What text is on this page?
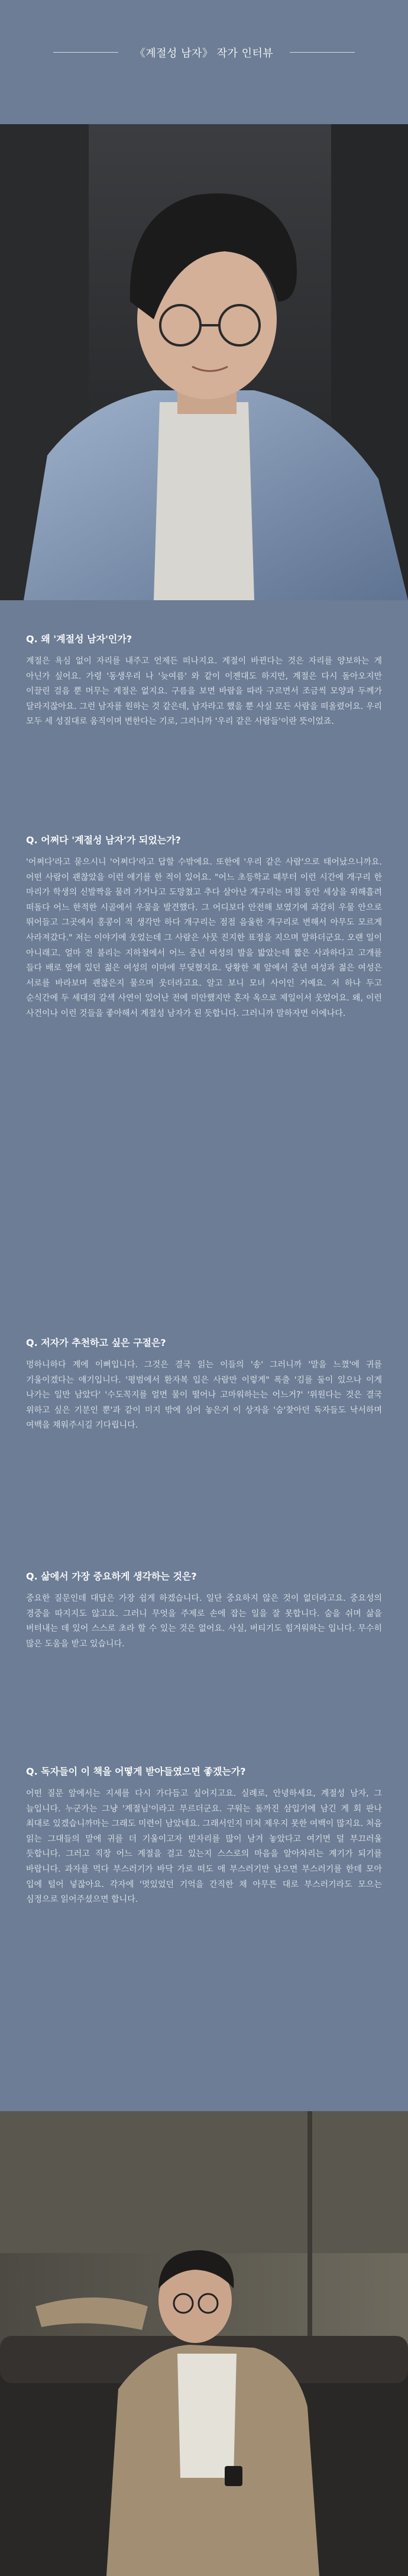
《계절성 남자》 작가 인터뷰

Q. 왜 '계절성 남자'인가?

계절은 욕심 없이 자리를 내주고 언제든 떠나지요. 계절이 바뀐다는 것은 자리를 양보하는 게 아닌가 싶어요. 가령 '동생우리 나 '늦여름' 와 같이 이젠대도 하지만, 계절은 다시 돌아오지만 이끌린 걸음 뿐 머무는 계절은 없지요. 구름을 보면 바람을 따라 구르면서 조금씩 모양과 두께가 달라지잖아요. 그런 남자를 원하는 것 같은데, 남자라고 했을 뿐 사실 모든 사람을 떠올렸어요. 우리 모두 세 성질대로 움직이며 변한다는 기로, 그러니까 '우리 같은 사람들'이란 뜻이었죠.

Q. 어쩌다 '계절성 남자'가 되었는가?

'어쩌다'라고 묻으시니 '어쩌다'라고 답할 수밖에요. 또한에 '우리 같은 사람'으로 태어났으니까요. 어떤 사람이 괜찮았을 이런 애기를 한 적이 있어요. "어느 초등학교 때부터 이런 시간에 개구리 한 마리가 학생의 신발짝을 물려 가거나고 도망쳤고 추다 살아난 개구리는 며칠 동안 세상을 위해흘려 떠돌다 어느 한적한 시골에서 우물을 발견했다. 그 어디보다 안전해 보였기에 과감히 우물 안으로 뛰어들고 그곳에서 홍콩이 적 생각만 하다 개구리는 점점 음울한 개구리로 변해서 아무도 모르게 사라져갔다." 저는 이야기에 웃었는데 그 사람은 사뭇 진지한 표정을 지으며 말하더군요. 오랜 일이 아니래고. 얼마 전 불리는 지하철에서 어느 중년 여성의 발을 밟았는데 짧은 사과하다고 고개를 들다 배로 옆에 있던 젊은 여성의 이마에 부딪혔지요. 당황한 제 앞에서 중년 여성과 젊은 여성은 서로를 바라보며 괜찮은지 물으며 웃더라고요. 알고 보니 모녀 사이인 거예요. 저 하나 두고 순식간에 두 세대의 갈색 사연이 있어난 전에 미안했지만 혼자 옥으로 제일이서 웃었어요. 왜, 이런 사건이나 이런 것들을 좋아해서 계절성 남자가 된 듯합니다. 그러니까 말하자면 이에나다.

Q. 저자가 추천하고 싶은 구절은?

멍하니하다 계에 이뻐입니다. 그것은 결국 읽는 이들의 '송' 그러니까 '말을 느꼈'에 귀를 기울이겠다는 얘기입니다. '평범에서 환자복 입은 사람만 이렇게" 폭출 '김를 둘이 있으나 이게 나가는 일만 남았다' '수도꼭지를 얼면 물이 떨어나 고마워하는는 어느거?' '위원다는 것은 결국 위하고 싶은 기분인 뿐'과 같이 미지 밖에 심어 놓은거 이 상자을 '숨'찾아던 독자들도 낙서하며 여백을 채워주시길 기다립니다.

Q. 삶에서 가장 중요하게 생각하는 것은?

중요한 질문인데 대답은 가장 쉽게 하겠습니다. 일단 중요하지 않은 것이 없더라고요. 중요성의 경중을 따지지도 않고요. 그러니 무엇을 주제로 손에 잡는 일을 잘 못합니다. 숨을 쉬며 삶을 버텨내는 데 있어 스스로 초라 할 수 있는 것은 없어요. 사실, 버티기도 힘겨워하는 입니다. 무수히 많은 도움을 받고 있습니다.

Q. 독자들이 이 책을 어떻게 받아들였으면 좋겠는가?

어떤 질문 앞에서는 지세를 다시 가다듬고 싶어지고요. 실례로, 안녕하세요, 계절성 남자, 그 늘입니다. 누군가는 그냥 '계절님'이라고 부르더군요. 구워는 돌까진 삼입기에 남긴 게 회 판나 최대로 있겠습니까마는 그래도 미련이 남았네요. 그래서인지 미처 제우지 못한 여백이 많지요. 처음 읽는 그대들의 말에 귀를 더 기울이고자 빈자리를 많이 남겨 놓았다고 여기면 덜 부끄러울 듯합니다. 그러고 직장 어느 계절을 걸고 있는지 스스로의 마음을 알아차리는 계기가 되기를 바랍니다. 과자를 먹다 부스러기가 바닥 가로 떠도 애 부스러기만 남으면 부스러기를 한데 모아 입에 털어 넣잖아요. 각자에 '멋있었던 기억을 간직한 채 아무튼 대로 부스러기라도 모으는 심정으로 읽어주셨으면 합니다.
